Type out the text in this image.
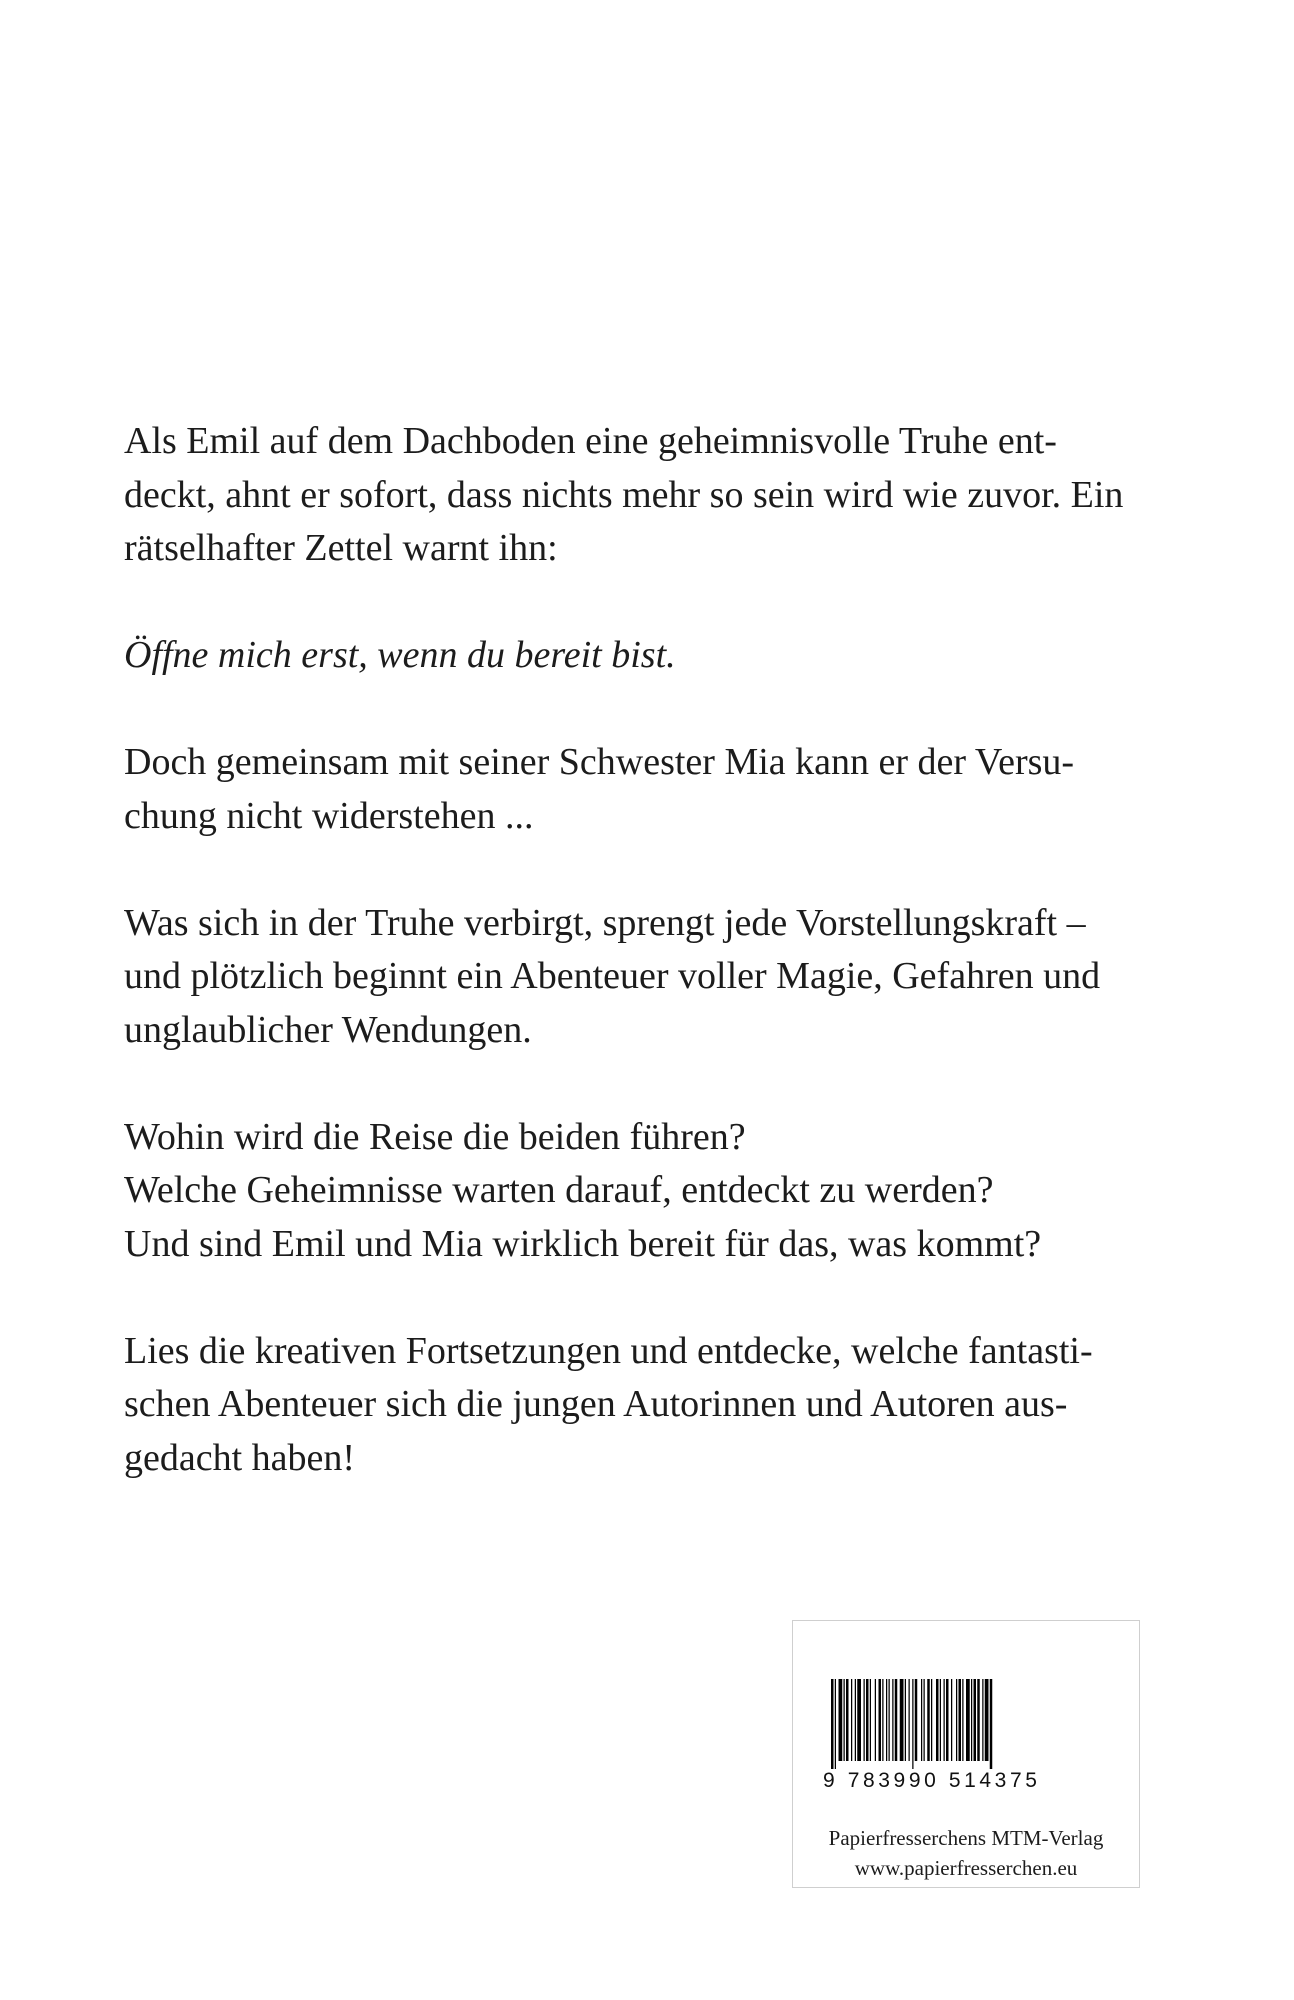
Als Emil auf dem Dachboden eine geheimnisvolle Truhe ent-
deckt, ahnt er sofort, dass nichts mehr so sein wird wie zuvor. Ein
rätselhafter Zettel warnt ihn:

Öffne mich erst, wenn du bereit bist.

Doch gemeinsam mit seiner Schwester Mia kann er der Versu-
chung nicht widerstehen ...

Was sich in der Truhe verbirgt, sprengt jede Vorstellungskraft –
und plötzlich beginnt ein Abenteuer voller Magie, Gefahren und
unglaublicher Wendungen.

Wohin wird die Reise die beiden führen?
Welche Geheimnisse warten darauf, entdeckt zu werden?
Und sind Emil und Mia wirklich bereit für das, was kommt?

Lies die kreativen Fortsetzungen und entdecke, welche fantasti-
schen Abenteuer sich die jungen Autorinnen und Autoren aus-
gedacht haben!

9 783990 514375
Papierfresserchens MTM-Verlag
www.papierfresserchen.eu
